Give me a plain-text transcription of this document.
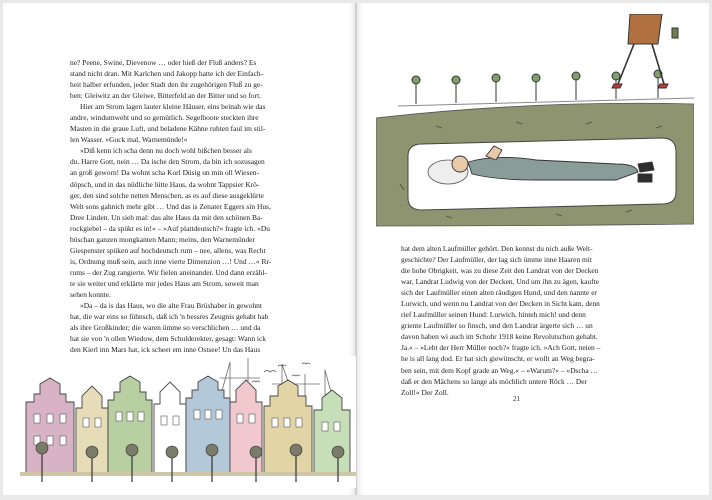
ne? Peene, Swine, Dievenow … oder hieß der Fluß anders? Es
stand nicht dran. Mit Karlchen und Jakopp hatte ich der Einfach-
heit halber erfunden, jeder Stadt den ihr zugehörigen Fluß zu ge-
ben: Gleiwitz an der Gleiwe, Bitterfeld an der Bitter und so fort.

Hier am Strom lagen lauter kleine Häuser, eins beinah wie das
andre, windumweht und so gemütlich. Segelboote steckten ihre
Masten in die graue Luft, und beladene Kähne ruhten faul im stil-
len Wasser. »Guck mal, Warnemünde!«

»Diß kenn ich scha denn nu doch wohl bißchen besser als
du. Harre Gott, nein … Da ische den Strom, da bin ich sozusagen
an groß geworn! Da wohnt scha Korl Düsig un min oll Wiesen-
döpsch, und in das nüdliche lütte Haus, da wohnt Tappsier Krö-
ger, den sind solche netten Menschen, as es auf diese ausgeklürte
Welt sons gahnich mehr gibt … Und das is Zenater Eggers sin Hus,
Dree Linden. Un sieh mal: das alte Haus da mit den schönen Ba-
rockgiebel – da spükt es in!« – »Auf plattdeutsch?« fragte ich. »Du
büschan ganzen mongkanten Mann; meins, den Warnemünder
Giespenster spüken auf hochdeutsch rum – nee, allens, was Recht
is, Ordnung muß sein, auch inne vierte Dimenzion …! Und …« Rr-
rums – der Zug rangierte. Wir fielen aneinander. Und dann erzähl-
te sie weiter und erklärte mir jedes Haus am Strom, soweit man
sehen konnte.

»Da – da is das Haus, wo die alte Frau Brüshaber in gewohnt
hat, die war eins so fühnsch, daß ich 'n bessres Zeugnis gehabt hab
als ihre Großkinder; die waren ümme so verschlichen … und da
hat sie von 'n ollen Wiedow, dem Schulderekter, gesagt: Wann ick
den Kierl inn Mars hat, ick scheet em inne Ostsee! Un das Haus

hat dem alten Laufmüller gehört. Den kennst du nich auße Welt-
geschichte? Der Laufmüller, der lag sich ümme inne Haaren mit
die hohe Obrigkeit, was zu diese Zeit den Landrat von der Decken
war, Landrat Ludwig von der Decken. Und um ihn zu ägen, kaufte
sich der Laufmüller einen alten räudigen Hund, und den nannte er
Lurwich, und wenn nu Landrat von der Decken in Sicht kam, denn
rief Laufmüller seinen Hund: Lurwich, hinteh mich! und denn
grientе Laufmüller so finsch, und den Landrat ärgerte sich … un
davon haben wi auch im Schohr 1918 keine Revolutschon gehabt.
Ja.« – »Lebt der Herr Müller noch?« fragte ich. »Ach Gott, neien –
he is all lang dod. Er hat sich giewünscht, er wollt an Weg begra-
ben sein, mit dem Kopf grade an Weg.« – »Warum?« – »Dscha …
daß er den Mächens so lange als möchlich untere Röck … Der
Zoll!« Der Zoll.

21
